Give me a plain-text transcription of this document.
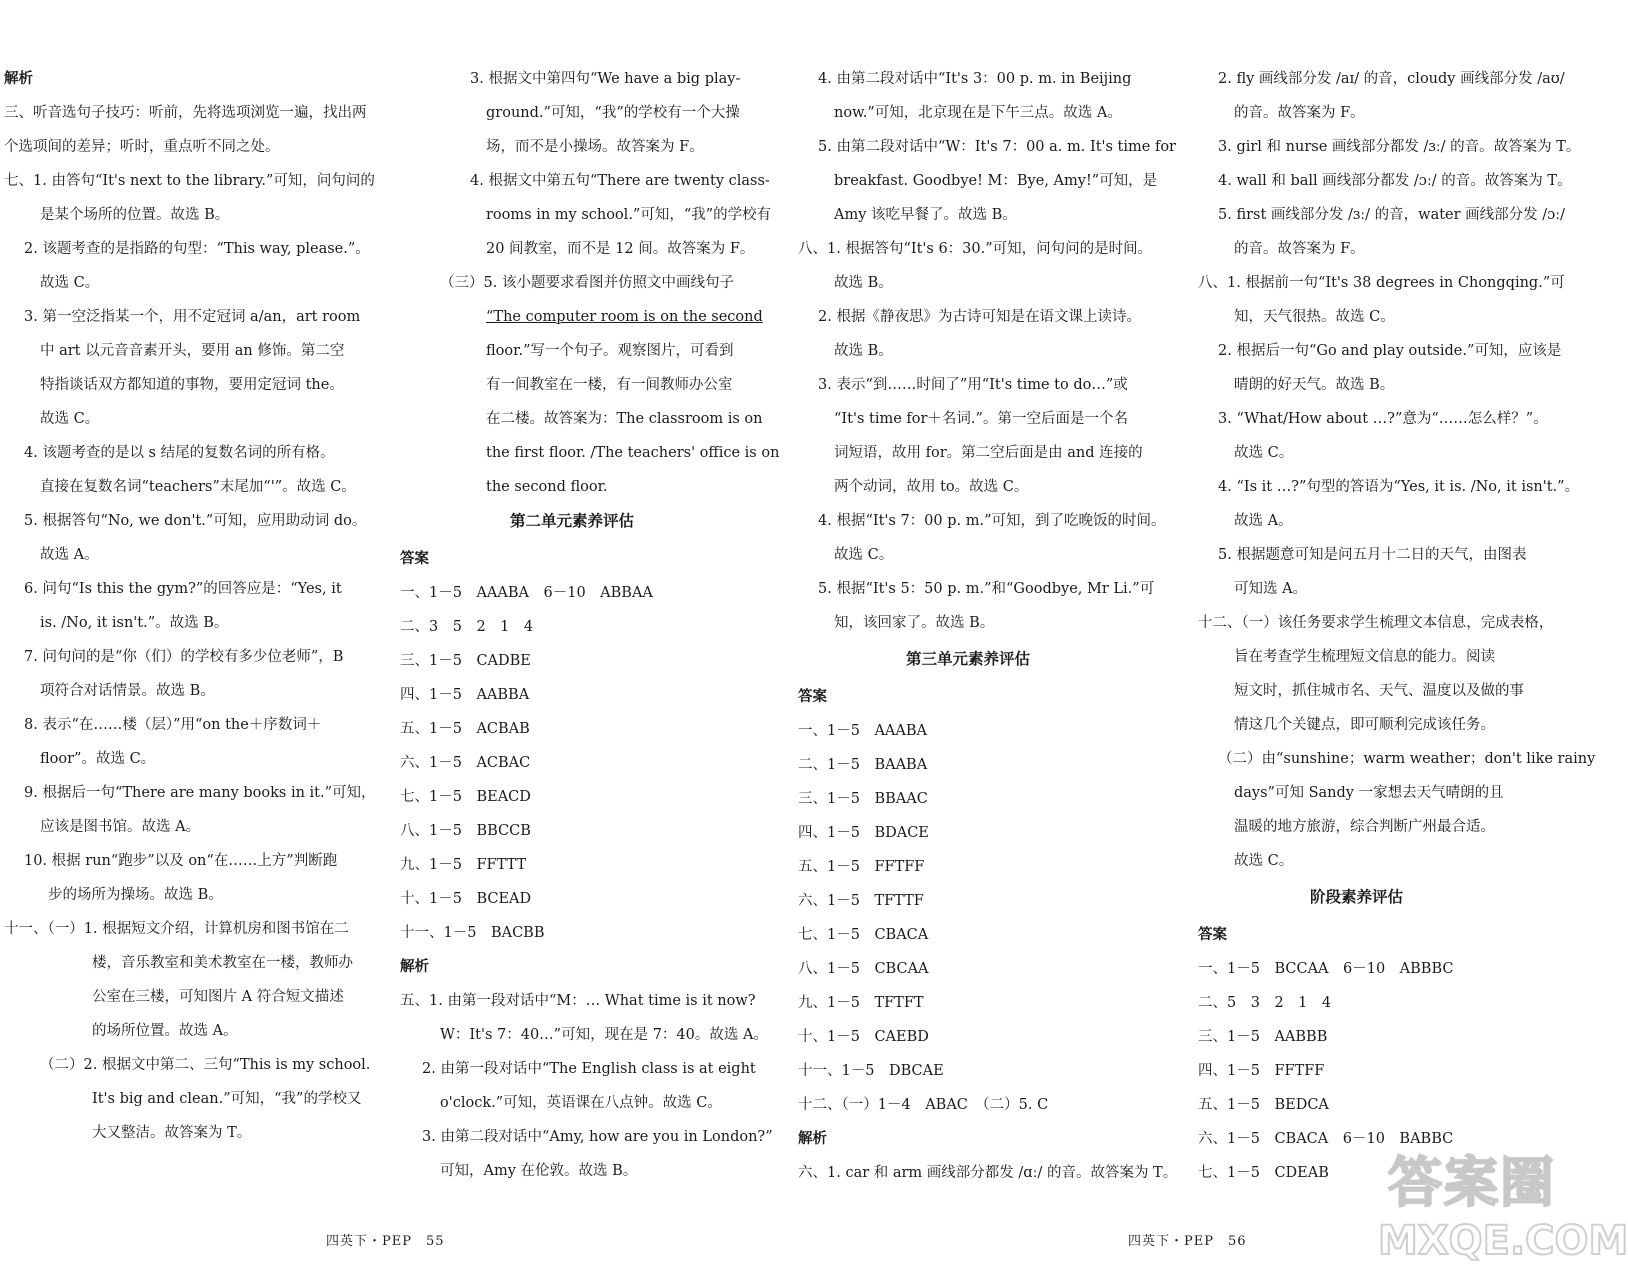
解析
三、听音选句子技巧：听前，先将选项浏览一遍，找出两
个选项间的差异；听时，重点听不同之处。
七、1. 由答句“It's next to the library.”可知，问句问的
是某个场所的位置。故选 B。
2. 该题考查的是指路的句型：“This way, please.”。
故选 C。
3. 第一空泛指某一个，用不定冠词 a/an，art room
中 art 以元音音素开头，要用 an 修饰。第二空
特指谈话双方都知道的事物，要用定冠词 the。
故选 C。
4. 该题考查的是以 s 结尾的复数名词的所有格。
直接在复数名词“teachers”末尾加“'”。故选 C。
5. 根据答句“No, we don't.”可知，应用助动词 do。
故选 A。
6. 问句“Is this the gym?”的回答应是：“Yes, it
is. /No, it isn't.”。故选 B。
7. 问句问的是“你（们）的学校有多少位老师”，B
项符合对话情景。故选 B。
8. 表示“在……楼（层）”用“on the＋序数词＋
floor”。故选 C。
9. 根据后一句“There are many books in it.”可知，
应该是图书馆。故选 A。
10. 根据 run“跑步”以及 on“在……上方”判断跑
步的场所为操场。故选 B。
十一、（一）1. 根据短文介绍，计算机房和图书馆在二
楼，音乐教室和美术教室在一楼，教师办
公室在三楼，可知图片 A 符合短文描述
的场所位置。故选 A。
（二）2. 根据文中第二、三句“This is my school.
It's big and clean.”可知，“我”的学校又
大又整洁。故答案为 T。
3. 根据文中第四句“We have a big play-
ground.”可知，“我”的学校有一个大操
场，而不是小操场。故答案为 F。
4. 根据文中第五句“There are twenty class-
rooms in my school.”可知，“我”的学校有
20 间教室，而不是 12 间。故答案为 F。
（三）5. 该小题要求看图并仿照文中画线句子
“The computer room is on the second
floor.”写一个句子。观察图片，可看到
有一间教室在一楼，有一间教师办公室
在二楼。故答案为：The classroom is on
the first floor. /The teachers' office is on
the second floor.
第二单元素养评估
答案
一、1－5　AAABA　6－10　ABBAA
二、3　5　2　1　4
三、1－5　CADBE
四、1－5　AABBA
五、1－5　ACBAB
六、1－5　ACBAC
七、1－5　BEACD
八、1－5　BBCCB
九、1－5　FFTTT
十、1－5　BCEAD
十一、1－5　BACBB
解析
五、1. 由第一段对话中“M：… What time is it now?
W：It's 7：40…”可知，现在是 7：40。故选 A。
2. 由第一段对话中“The English class is at eight
o'clock.”可知，英语课在八点钟。故选 C。
3. 由第二段对话中“Amy, how are you in London?”
可知，Amy 在伦敦。故选 B。
4. 由第二段对话中“It's 3：00 p. m. in Beijing
now.”可知，北京现在是下午三点。故选 A。
5. 由第二段对话中“W：It's 7：00 a. m. It's time for
breakfast. Goodbye! M：Bye, Amy!”可知，是
Amy 该吃早餐了。故选 B。
八、1. 根据答句“It's 6：30.”可知，问句问的是时间。
故选 B。
2. 根据《静夜思》为古诗可知是在语文课上读诗。
故选 B。
3. 表示“到……时间了”用“It's time to do…”或
“It's time for＋名词.”。第一空后面是一个名
词短语，故用 for。第二空后面是由 and 连接的
两个动词，故用 to。故选 C。
4. 根据“It's 7：00 p. m.”可知，到了吃晚饭的时间。
故选 C。
5. 根据“It's 5：50 p. m.”和“Goodbye, Mr Li.”可
知，该回家了。故选 B。
第三单元素养评估
答案
一、1－5　AAABA
二、1－5　BAABA
三、1－5　BBAAC
四、1－5　BDACE
五、1－5　FFTFF
六、1－5　TFTTF
七、1－5　CBACA
八、1－5　CBCAA
九、1－5　TFTFT
十、1－5　CAEBD
十一、1－5　DBCAE
十二、（一）1－4　ABAC　（二）5. C
解析
六、1. car 和 arm 画线部分都发 /ɑː/ 的音。故答案为 T。
2. fly 画线部分发 /aɪ/ 的音，cloudy 画线部分发 /aʊ/
的音。故答案为 F。
3. girl 和 nurse 画线部分都发 /ɜː/ 的音。故答案为 T。
4. wall 和 ball 画线部分都发 /ɔː/ 的音。故答案为 T。
5. first 画线部分发 /ɜː/ 的音，water 画线部分发 /ɔː/
的音。故答案为 F。
八、1. 根据前一句“It's 38 degrees in Chongqing.”可
知，天气很热。故选 C。
2. 根据后一句“Go and play outside.”可知，应该是
晴朗的好天气。故选 B。
3. “What/How about …?”意为“……怎么样？”。
故选 C。
4. “Is it …?”句型的答语为“Yes, it is. /No, it isn't.”。
故选 A。
5. 根据题意可知是问五月十二日的天气，由图表
可知选 A。
十二、（一）该任务要求学生梳理文本信息，完成表格，
旨在考查学生梳理短文信息的能力。阅读
短文时，抓住城市名、天气、温度以及做的事
情这几个关键点，即可顺利完成该任务。
（二）由“sunshine；warm weather；don't like rainy
days”可知 Sandy 一家想去天气晴朗的且
温暖的地方旅游，综合判断广州最合适。
故选 C。
阶段素养评估
答案
一、1－5　BCCAA　6－10　ABBBC
二、5　3　2　1　4
三、1－5　AABBB
四、1－5　FFTFF
五、1－5　BEDCA
六、1－5　CBACA　6－10　BABBC
七、1－5　CDEAB
四英下・PEP　55	四英下・PEP　56
答案圈
MXQE.COM
